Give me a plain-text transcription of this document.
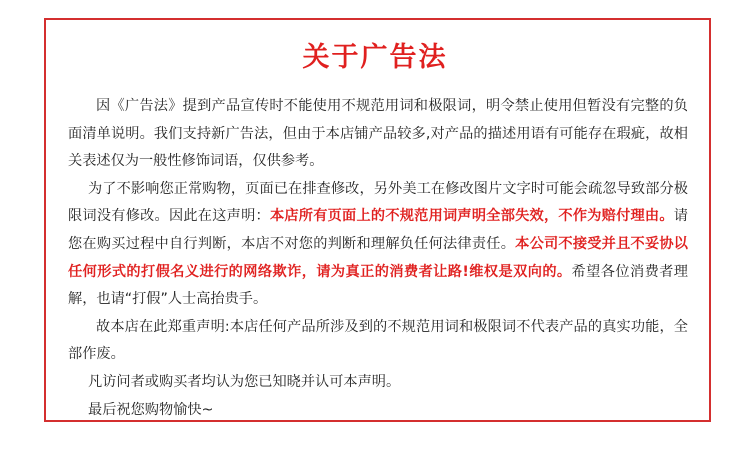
关于广告法

因《广告法》提到产品宣传时不能使用不规范用词和极限词，明令禁止使用但暂没有完整的负面清单说明。我们支持新广告法，但由于本店铺产品较多,对产品的描述用语有可能存在瑕疵，故相关表述仅为一般性修饰词语，仅供参考。

为了不影响您正常购物，页面已在排查修改，另外美工在修改图片文字时可能会疏忽导致部分极限词没有修改。因此在这声明：本店所有页面上的不规范用词声明全部失效，不作为赔付理由。请您在购买过程中自行判断，本店不对您的判断和理解负任何法律责任。本公司不接受并且不妥协以任何形式的打假名义进行的网络欺诈，请为真正的消费者让路!维权是双向的。希望各位消费者理解，也请“打假”人士高抬贵手。

故本店在此郑重声明:本店任何产品所涉及到的不规范用词和极限词不代表产品的真实功能，全部作废。

凡访问者或购买者均认为您已知晓并认可本声明。

最后祝您购物愉快~
